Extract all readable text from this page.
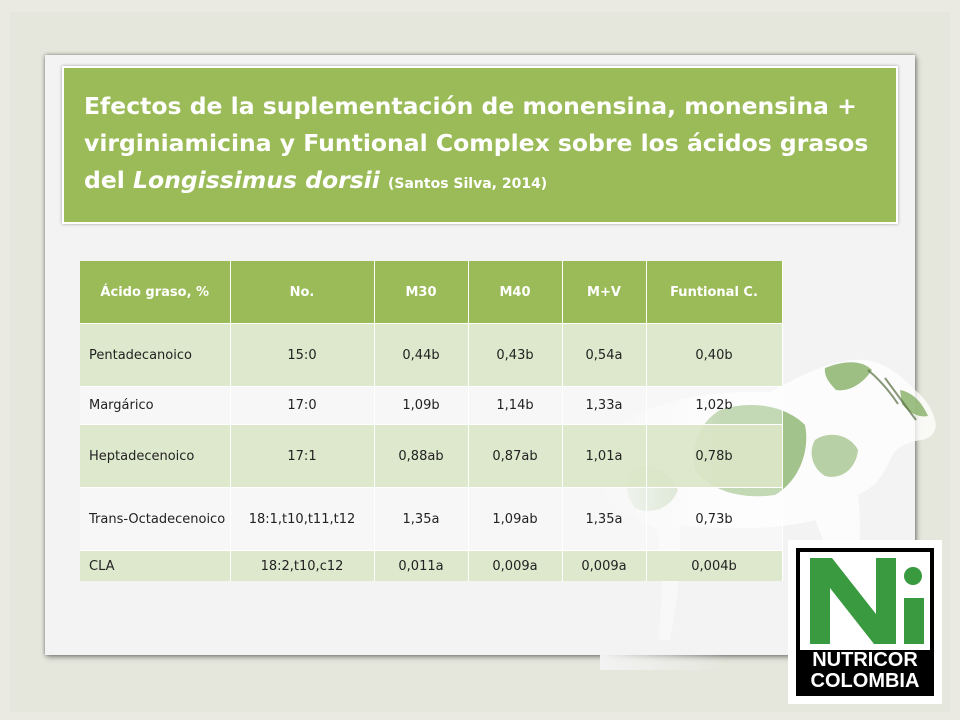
Efectos de la suplementación de monensina, monensina + virginiamicina y Funtional Complex sobre los ácidos grasos del Longissimus dorsii (Santos Silva, 2014)

Ácido graso, %	No.	M30	M40	M+V	Funtional C.
Pentadecanoico	15:0	0,44b	0,43b	0,54a	0,40b
Margárico	17:0	1,09b	1,14b	1,33a	1,02b
Heptadecenoico	17:1	0,88ab	0,87ab	1,01a	0,78b
Trans-Octadecenoico	18:1,t10,t11,t12	1,35a	1,09ab	1,35a	0,73b
CLA	18:2,t10,c12	0,011a	0,009a	0,009a	0,004b
NUTRICOR
COLOMBIA
